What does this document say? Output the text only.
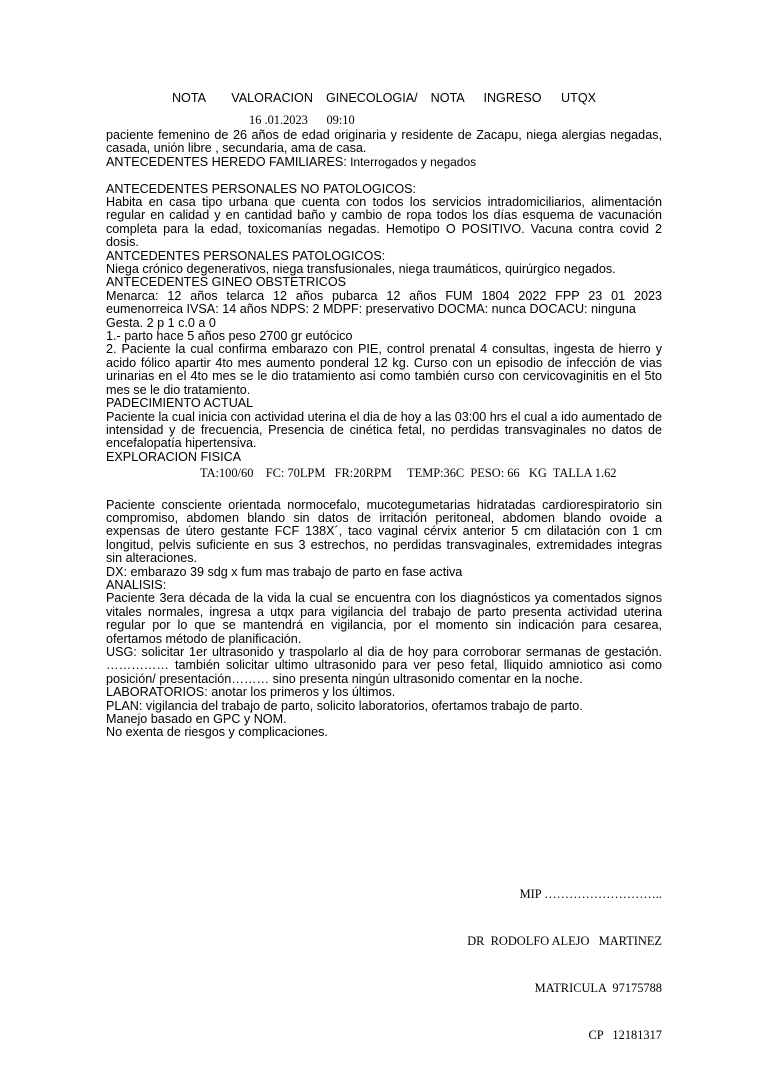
NOTA    VALORACION  GINECOLOGIA/  NOTA   INGRESO   UTQX
16 .01.2023      09:10

paciente femenino de 26 años de edad originaria y residente de Zacapu, niega alergias negadas, casada, unión libre , secundaria, ama de casa.

ANTECEDENTES HEREDO FAMILIARES: Interrogados y negados

ANTECEDENTES PERSONALES NO PATOLOGICOS:

Habita en casa tipo urbana que cuenta con todos los servicios intradomiciliarios, alimentación regular en calidad y en cantidad baño y cambio de ropa todos los días esquema de vacunación completa para la edad, toxicomanías negadas. Hemotipo O POSITIVO. Vacuna contra covid 2 dosis.

ANTCEDENTES PERSONALES PATOLOGICOS:

Niega crónico degenerativos, niega transfusionales, niega traumáticos, quirúrgico negados.

ANTECEDENTES GINEO OBSTETRICOS

Menarca: 12 años telarca 12 años pubarca 12 años FUM 1804 2022 FPP 23 01 2023 eumenorreica IVSA: 14 años NDPS: 2 MDPF: preservativo DOCMA: nunca DOCACU: ninguna

Gesta. 2 p 1 c.0 a 0

1.- parto hace 5 años peso 2700 gr eutócico

2. Paciente la cual confirma embarazo con PIE, control prenatal 4 consultas, ingesta de hierro y acido fólico apartir 4to mes aumento ponderal 12 kg. Curso con un episodio de infección de vias urinarias en el 4to mes se le dio tratamiento asi como también curso con cervicovaginitis en el 5to mes se le dio tratamiento.

PADECIMIENTO ACTUAL

Paciente la cual inicia con actividad uterina el dia de hoy a las 03:00 hrs el cual a ido aumentado de intensidad y de frecuencia, Presencia de cinética fetal, no perdidas transvaginales no datos de encefalopatía hipertensiva.

EXPLORACION FISICA

TA:100/60    FC: 70LPM   FR:20RPM     TEMP:36C  PESO: 66   KG  TALLA 1.62

Paciente consciente orientada normocefalo, mucotegumetarias hidratadas cardiorespiratorio sin compromiso, abdomen blando sin datos de irritación peritoneal, abdomen blando ovoide a expensas de útero gestante FCF 138X´, taco vaginal cérvix anterior 5 cm dilatación con 1 cm longitud, pelvis suficiente en sus 3 estrechos, no perdidas transvaginales, extremidades integras sin alteraciones.

DX: embarazo 39 sdg x fum mas trabajo de parto en fase activa

ANALISIS:

Paciente 3era década de la vida la cual se encuentra con los diagnósticos ya comentados signos vitales normales, ingresa a utqx para vigilancia del trabajo de parto presenta actividad uterina regular por lo que se mantendrá en vigilancia, por el momento sin indicación para cesarea, ofertamos método de planificación.

USG: solicitar 1er ultrasonido y traspolarlo al dia de hoy para corroborar sermanas de gestación. …………… también solicitar ultimo ultrasonido para ver peso fetal, lliquido amniotico asi como posición/ presentación……… sino presenta ningún ultrasonido comentar en la noche.

LABORATORIOS: anotar los primeros y los últimos.

PLAN: vigilancia del trabajo de parto, solicito laboratorios, ofertamos trabajo de parto.

Manejo basado en GPC y NOM.

No exenta de riesgos y complicaciones.

MIP ………………………..

DR  RODOLFO ALEJO   MARTINEZ

MATRICULA  97175788

CP   12181317
